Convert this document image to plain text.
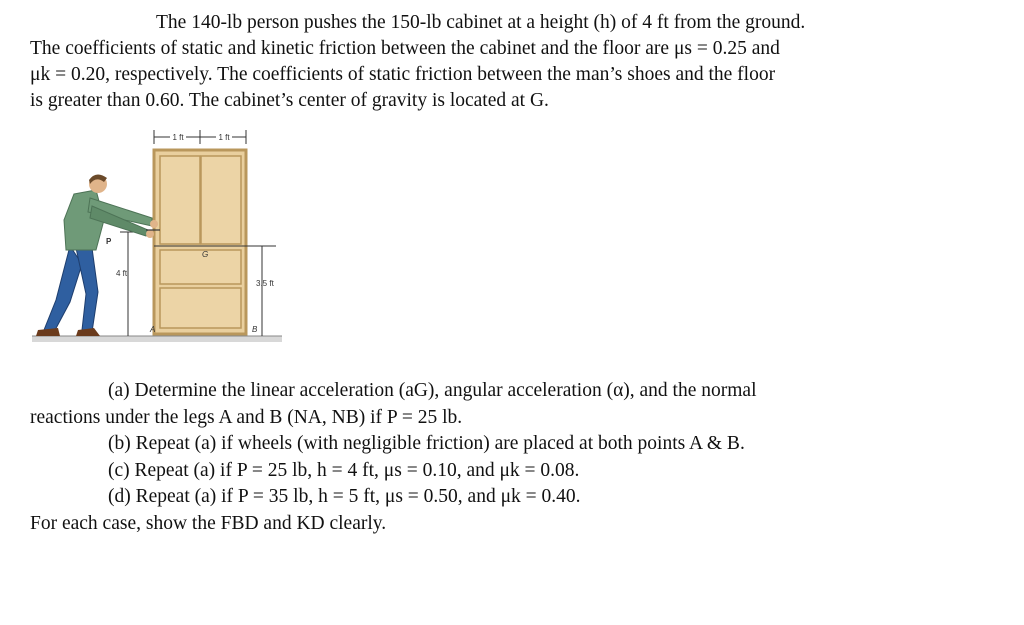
The 140-lb person pushes the 150-lb cabinet at a height (h) of 4 ft from the ground.

The coefficients of static and kinetic friction between the cabinet and the floor are μs = 0.25 and

μk = 0.20, respectively. The coefficients of static friction between the man’s shoes and the floor

is greater than 0.60. The cabinet’s center of gravity is located at G.

1 ft	1 ft
G
A	B
3.5 ft
4 ft
P

(a) Determine the linear acceleration (aG), angular acceleration (α), and the normal

reactions under the legs A and B (NA, NB) if P = 25 lb.

(b) Repeat (a) if wheels (with negligible friction) are placed at both points A & B.

(c) Repeat (a) if P = 25 lb, h = 4 ft, μs = 0.10, and μk = 0.08.

(d) Repeat (a) if P = 35 lb, h = 5 ft, μs = 0.50, and μk = 0.40.

For each case, show the FBD and KD clearly.
